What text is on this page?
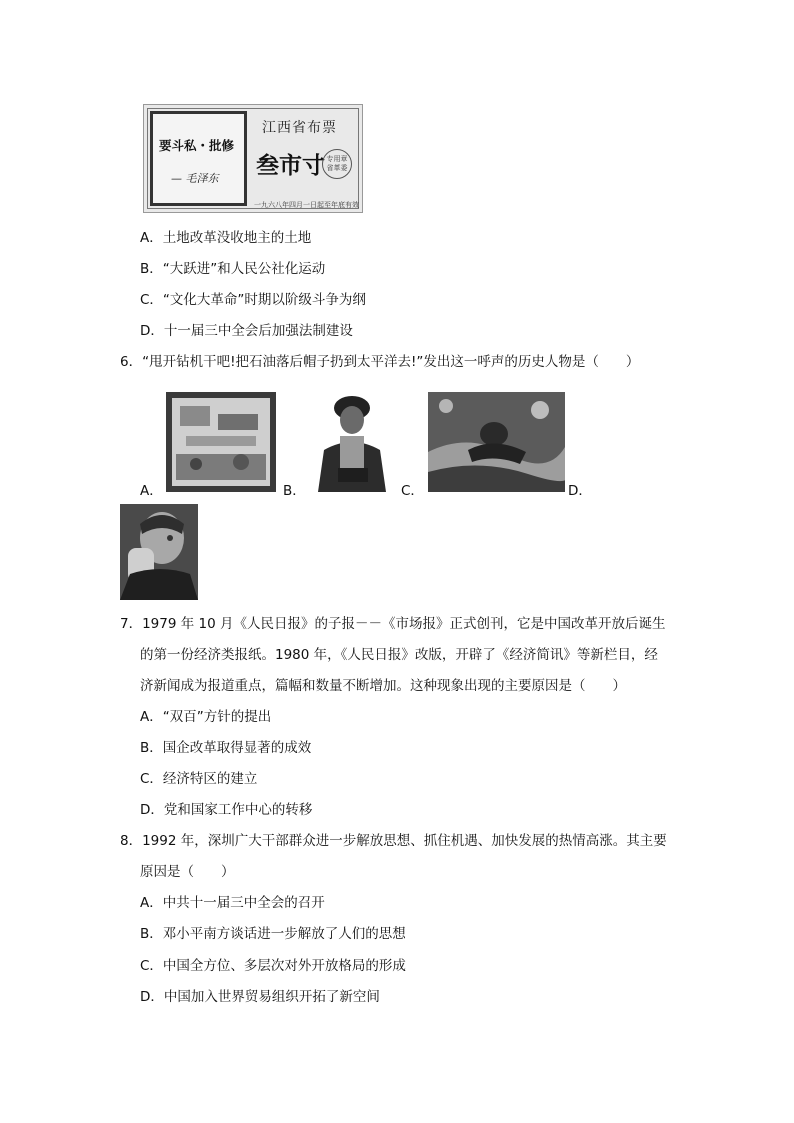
要斗私・批修
— 毛泽东
江西省布票
叁市寸 专用章 省革委
一九六八年四月一日起至年底有效
A．土地改革没收地主的土地
B．“大跃进”和人民公社化运动
C．“文化大革命”时期以阶级斗争为纲
D．十一届三中全会后加强法制建设
6．“甩开钻机干吧!把石油落后帽子扔到太平洋去!”发出这一呼声的历史人物是（　　）
A．	B．	C．	D．
7．1979 年 10 月《人民日报》的子报－－《市场报》正式创刊，它是中国改革开放后诞生
的第一份经济类报纸。1980 年，《人民日报》改版，开辟了《经济简讯》等新栏目，经
济新闻成为报道重点，篇幅和数量不断增加。这种现象出现的主要原因是（　　）
A．“双百”方针的提出
B．国企改革取得显著的成效
C．经济特区的建立
D．党和国家工作中心的转移
8．1992 年，深圳广大干部群众进一步解放思想、抓住机遇、加快发展的热情高涨。其主要
原因是（　　）
A．中共十一届三中全会的召开
B．邓小平南方谈话进一步解放了人们的思想
C．中国全方位、多层次对外开放格局的形成
D．中国加入世界贸易组织开拓了新空间
